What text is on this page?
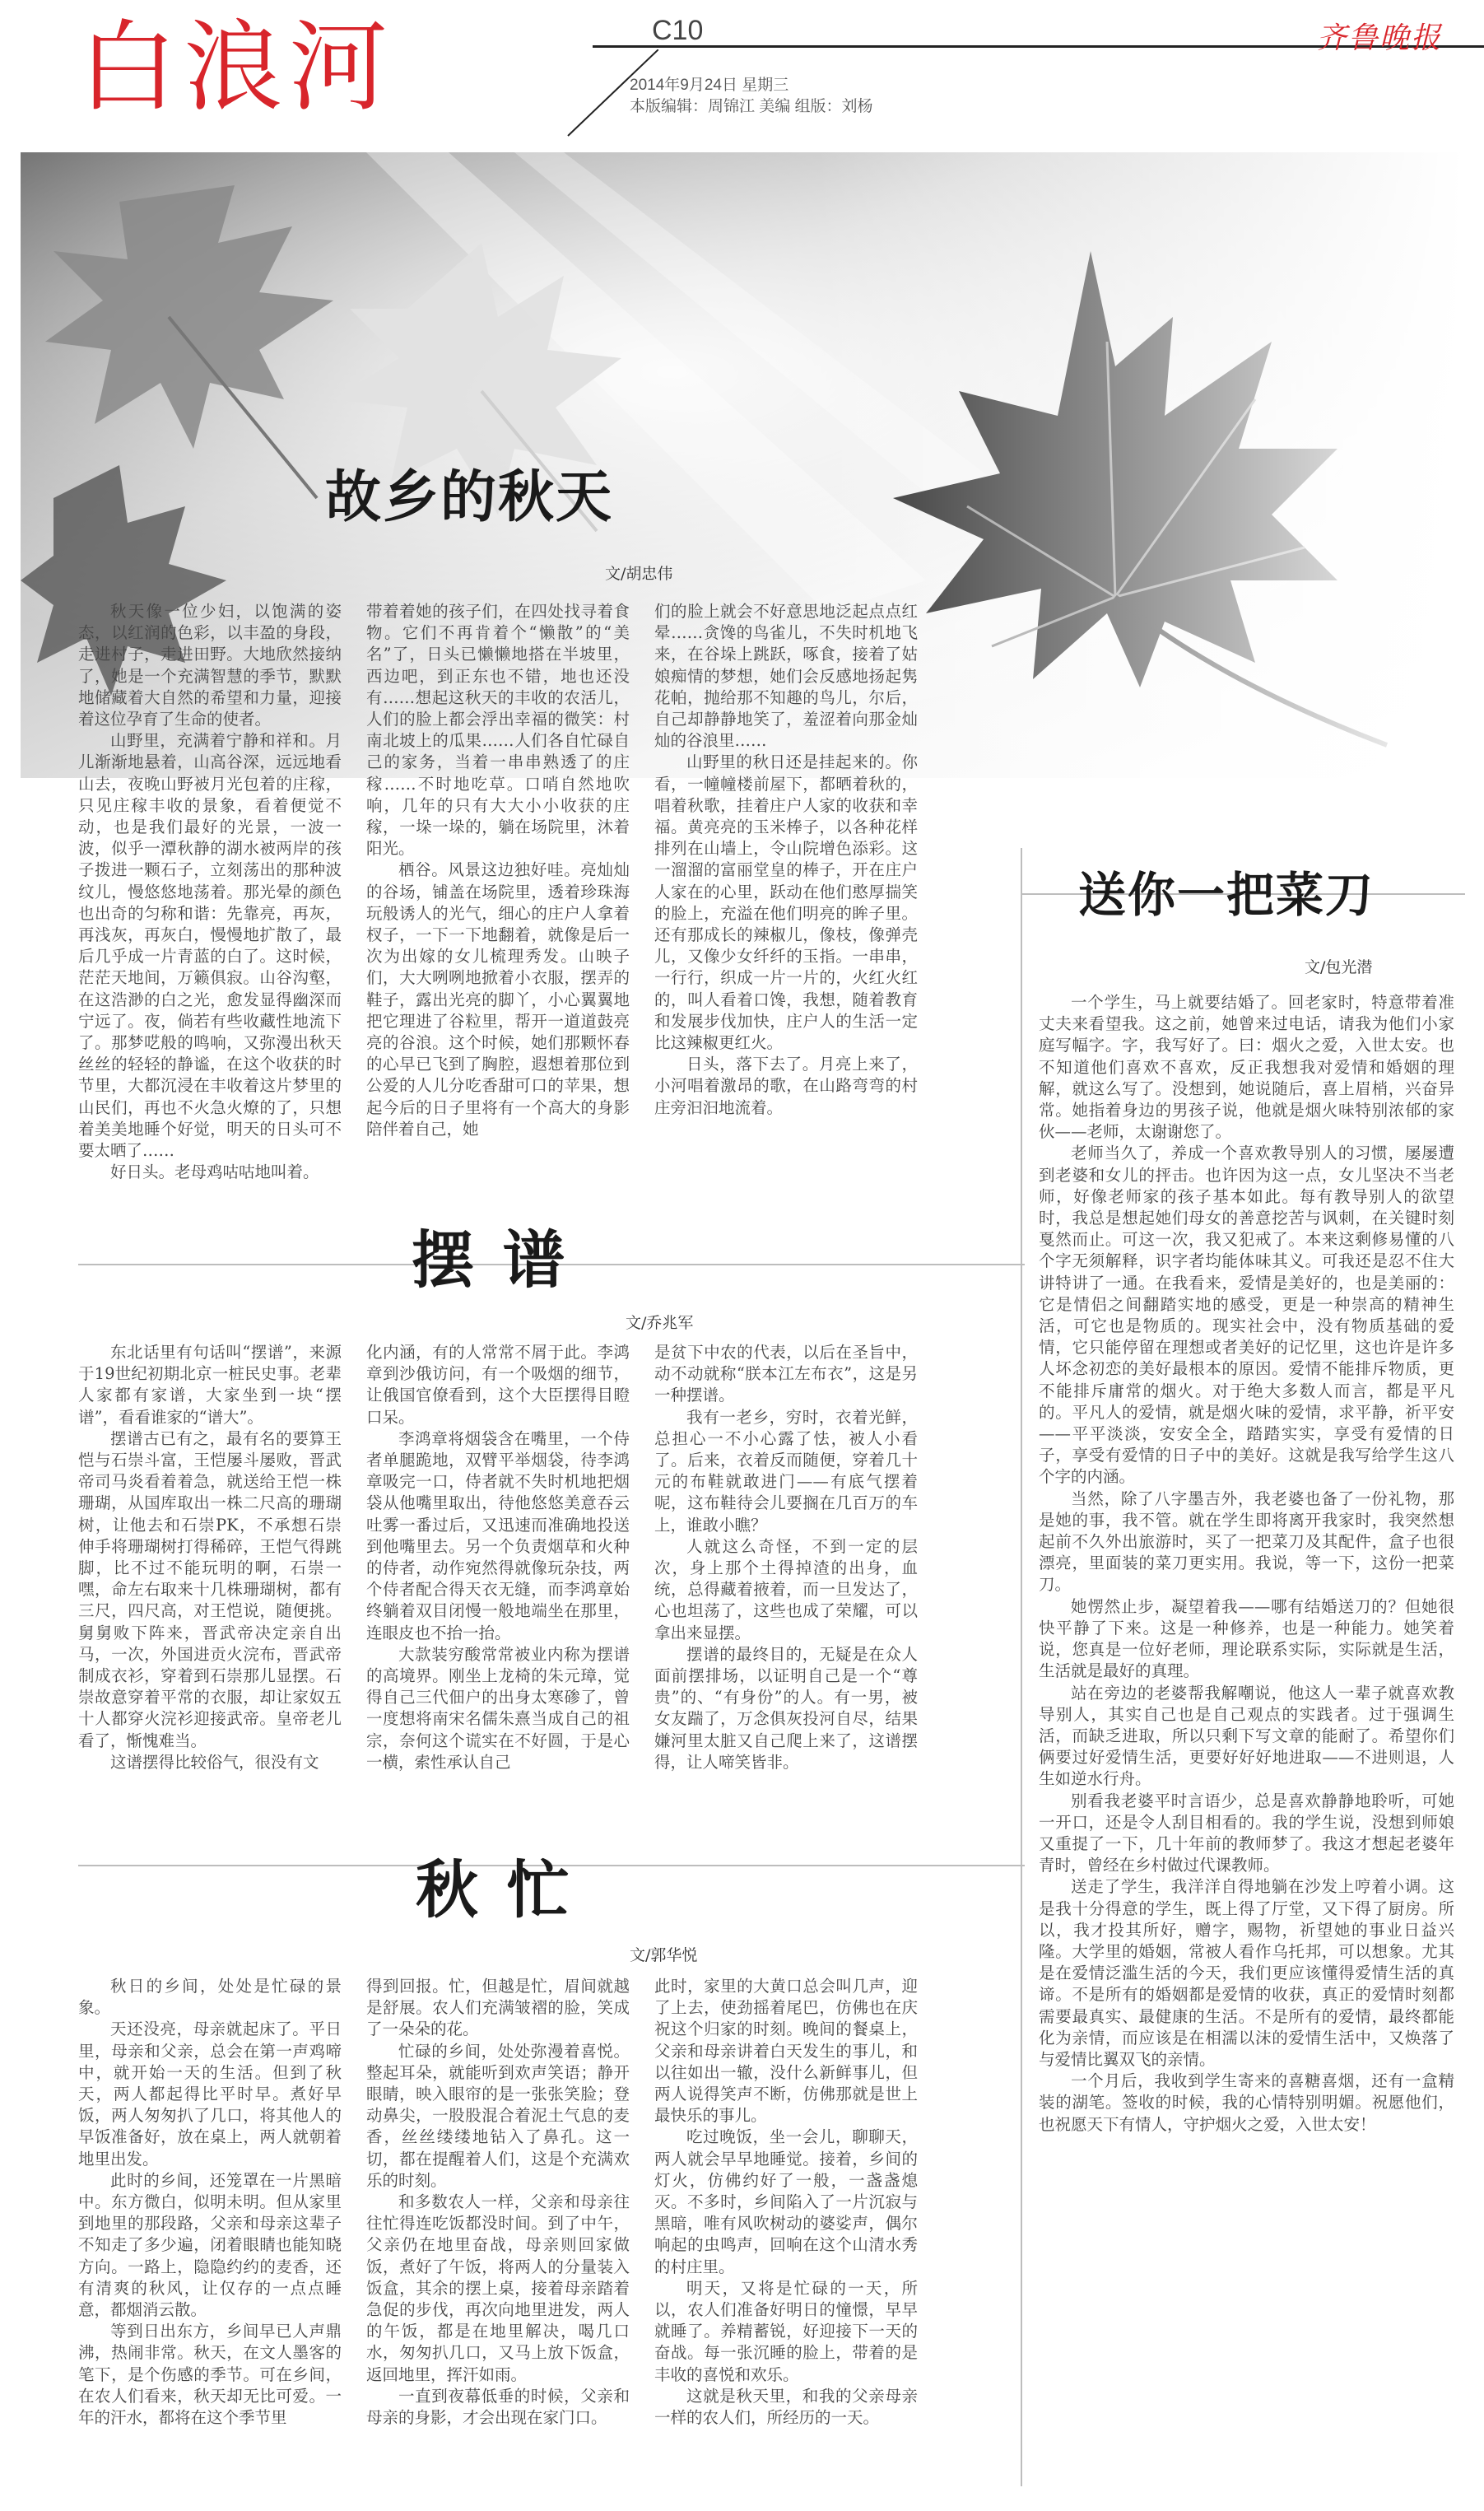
白浪河	C10	齐鲁晚报
2014年9月24日 星期三
本版编辑：周锦江 美编 组版：刘杨
故乡的秋天
文/胡忠伟

秋天像一位少妇，以饱满的姿态，以红润的色彩，以丰盈的身段，走进村子，走进田野。大地欣然接纳了，她是一个充满智慧的季节，默默地储藏着大自然的希望和力量，迎接着这位孕育了生命的使者。

山野里，充满着宁静和祥和。月儿渐渐地悬着，山高谷深，远远地看山去，夜晚山野被月光包着的庄稼，只见庄稼丰收的景象，看着便觉不动，也是我们最好的光景，一波一波，似乎一潭秋静的湖水被两岸的孩子拨进一颗石子，立刻荡出的那种波纹儿，慢悠悠地荡着。那光晕的颜色也出奇的匀称和谐：先靠亮，再灰，再浅灰，再灰白，慢慢地扩散了，最后几乎成一片青蓝的白了。这时候，茫茫天地间，万籁俱寂。山谷沟壑，在这浩渺的白之光，愈发显得幽深而宁远了。夜，倘若有些收藏性地流下了。那梦呓般的鸣响，又弥漫出秋天丝丝的轻轻的静谧，在这个收获的时节里，大都沉浸在丰收着这片梦里的山民们，再也不火急火燎的了，只想着美美地睡个好觉，明天的日头可不要太晒了……

好日头。老母鸡咕咕地叫着。

带着着她的孩子们，在四处找寻着食物。它们不再肯着个“懒散”的“美名”了，日头已懒懒地搭在半坡里，西边吧，到正东也不错，地也还没有……想起这秋天的丰收的农活儿，人们的脸上都会浮出幸福的微笑：村南北坡上的瓜果……人们各自忙碌自己的家务，当着一串串熟透了的庄稼……不时地吃草。口哨自然地吹响，几年的只有大大小小收获的庄稼，一垛一垛的，躺在场院里，沐着阳光。

栖谷。风景这边独好哇。亮灿灿的谷场，铺盖在场院里，透着珍珠海玩般诱人的光气，细心的庄户人拿着杈子，一下一下地翻着，就像是后一次为出嫁的女儿梳理秀发。山映子们，大大咧咧地掀着小衣服，摆弄的鞋子，露出光亮的脚丫，小心翼翼地把它理进了谷粒里，帮开一道道鼓亮亮的谷浪。这个时候，她们那颗怀春的心早已飞到了胸腔，遐想着那位到公爱的人儿分吃香甜可口的苹果，想起今后的日子里将有一个高大的身影陪伴着自己，她

们的脸上就会不好意思地泛起点点红晕……贪馋的鸟雀儿，不失时机地飞来，在谷垛上跳跃，啄食，接着了姑娘痴情的梦想，她们会反感地扬起隽花帕，抛给那不知趣的鸟儿，尔后，自己却静静地笑了，羞涩着向那金灿灿的谷浪里……

山野里的秋日还是挂起来的。你看，一幢幢楼前屋下，都晒着秋的，唱着秋歌，挂着庄户人家的收获和幸福。黄亮亮的玉米棒子，以各种花样排列在山墙上，令山院增色添彩。这一溜溜的富丽堂皇的棒子，开在庄户人家在的心里，跃动在他们憨厚揣笑的脸上，充溢在他们明亮的眸子里。还有那成长的辣椒儿，像枝，像弹壳儿，又像少女纤纤的玉指。一串串，一行行，织成一片一片的，火红火红的，叫人看着口馋，我想，随着教育和发展步伐加快，庄户人的生活一定比这辣椒更红火。

日头，落下去了。月亮上来了，小河唱着激昂的歌，在山路弯弯的村庄旁汩汩地流着。

摆 谱
文/乔兆军

东北话里有句话叫“摆谱”，来源于19世纪初期北京一桩民史事。老辈人家都有家谱，大家坐到一块“摆谱”，看看谁家的“谱大”。

摆谱古已有之，最有名的要算王恺与石崇斗富，王恺屡斗屡败，晋武帝司马炎看着着急，就送给王恺一株珊瑚，从国库取出一株二尺高的珊瑚树，让他去和石崇PK，不承想石崇伸手将珊瑚树打得稀碎，王恺气得跳脚，比不过不能玩明的啊，石崇一嘿，命左右取来十几株珊瑚树，都有三尺，四尺高，对王恺说，随便挑。舅舅败下阵来，晋武帝决定亲自出马，一次，外国进贡火浣布，晋武帝制成衣衫，穿着到石崇那儿显摆。石崇故意穿着平常的衣服，却让家奴五十人都穿火浣衫迎接武帝。皇帝老儿看了，惭愧难当。

这谱摆得比较俗气，很没有文

化内涵，有的人常常不屑于此。李鸿章到沙俄访问，有一个吸烟的细节，让俄国官僚看到，这个大臣摆得目瞪口呆。

李鸿章将烟袋含在嘴里，一个侍者单腿跪地，双臂平举烟袋，待李鸿章吸完一口，侍者就不失时机地把烟袋从他嘴里取出，待他悠悠美意吞云吐雾一番过后，又迅速而准确地投送到他嘴里去。另一个负责烟草和火种的侍者，动作宛然得就像玩杂技，两个侍者配合得天衣无缝，而李鸿章始终躺着双目闭慢一般地端坐在那里，连眼皮也不抬一抬。

大款装穷酸常常被业内称为摆谱的高境界。刚坐上龙椅的朱元璋，觉得自己三代佃户的出身太寒碜了，曾一度想将南宋名儒朱熹当成自己的祖宗，奈何这个谎实在不好圆，于是心一横，索性承认自己

是贫下中农的代表，以后在圣旨中，动不动就称“朕本江左布衣”，这是另一种摆谱。

我有一老乡，穷时，衣着光鲜，总担心一不小心露了怯，被人小看了。后来，衣着反而随便，穿着几十元的布鞋就敢进门——有底气摆着呢，这布鞋待会儿要搁在几百万的车上，谁敢小瞧？

人就这么奇怪，不到一定的层次，身上那个土得掉渣的出身，血统，总得藏着掖着，而一旦发达了，心也坦荡了，这些也成了荣耀，可以拿出来显摆。

摆谱的最终目的，无疑是在众人面前摆排场，以证明自己是一个“尊贵”的、“有身份”的人。有一男，被女友踹了，万念俱灰投河自尽，结果嫌河里太脏又自己爬上来了，这谱摆得，让人啼笑皆非。

秋 忙
文/郭华悦

秋日的乡间，处处是忙碌的景象。

天还没亮，母亲就起床了。平日里，母亲和父亲，总会在第一声鸡啼中，就开始一天的生活。但到了秋天，两人都起得比平时早。煮好早饭，两人匆匆扒了几口，将其他人的早饭准备好，放在桌上，两人就朝着地里出发。

此时的乡间，还笼罩在一片黑暗中。东方微白，似明未明。但从家里到地里的那段路，父亲和母亲这辈子不知走了多少遍，闭着眼睛也能知晓方向。一路上，隐隐约约的麦香，还有清爽的秋风，让仅存的一点点睡意，都烟消云散。

等到日出东方，乡间早已人声鼎沸，热闹非常。秋天，在文人墨客的笔下，是个伤感的季节。可在乡间，在农人们看来，秋天却无比可爱。一年的汗水，都将在这个季节里

得到回报。忙，但越是忙，眉间就越是舒展。农人们充满皱褶的脸，笑成了一朵朵的花。

忙碌的乡间，处处弥漫着喜悦。整起耳朵，就能听到欢声笑语；静开眼睛，映入眼帘的是一张张笑脸；登动鼻尖，一股股混合着泥土气息的麦香，丝丝缕缕地钻入了鼻孔。这一切，都在提醒着人们，这是个充满欢乐的时刻。

和多数农人一样，父亲和母亲往往忙得连吃饭都没时间。到了中午，父亲仍在地里奋战，母亲则回家做饭，煮好了午饭，将两人的分量装入饭盒，其余的摆上桌，接着母亲踏着急促的步伐，再次向地里进发，两人的午饭，都是在地里解决，喝几口水，匆匆扒几口，又马上放下饭盒，返回地里，挥汗如雨。

一直到夜幕低垂的时候，父亲和母亲的身影，才会出现在家门口。

此时，家里的大黄口总会叫几声，迎了上去，使劲摇着尾巴，仿佛也在庆祝这个归家的时刻。晚间的餐桌上，父亲和母亲讲着白天发生的事儿，和以往如出一辙，没什么新鲜事儿，但两人说得笑声不断，仿佛那就是世上最快乐的事儿。

吃过晚饭，坐一会儿，聊聊天，两人就会早早地睡觉。接着，乡间的灯火，仿佛约好了一般，一盏盏熄灭。不多时，乡间陷入了一片沉寂与黑暗，唯有风吹树动的婆娑声，偶尔响起的虫鸣声，回响在这个山清水秀的村庄里。

明天，又将是忙碌的一天，所以，农人们准备好明日的憧憬，早早就睡了。养精蓄锐，好迎接下一天的奋战。每一张沉睡的脸上，带着的是丰收的喜悦和欢乐。

这就是秋天里，和我的父亲母亲一样的农人们，所经历的一天。

送你一把菜刀
文/包光潜

一个学生，马上就要结婚了。回老家时，特意带着准丈夫来看望我。这之前，她曾来过电话，请我为他们小家庭写幅字。字，我写好了。曰：烟火之爱，入世太安。也不知道他们喜欢不喜欢，反正我想我对爱情和婚姻的理解，就这么写了。没想到，她说随后，喜上眉梢，兴奋异常。她指着身边的男孩子说，他就是烟火味特别浓郁的家伙——老师，太谢谢您了。

老师当久了，养成一个喜欢教导别人的习惯，屡屡遭到老婆和女儿的抨击。也许因为这一点，女儿坚决不当老师，好像老师家的孩子基本如此。每有教导别人的欲望时，我总是想起她们母女的善意挖苦与讽刺，在关键时刻戛然而止。可这一次，我又犯戒了。本来这剩修易懂的八个字无须解释，识字者均能体味其义。可我还是忍不住大讲特讲了一通。在我看来，爱情是美好的，也是美丽的：它是情侣之间翻踏实地的感受，更是一种崇高的精神生活，可它也是物质的。现实社会中，没有物质基础的爱情，它只能停留在理想或者美好的记忆里，这也许是许多人坏念初恋的美好最根本的原因。爱情不能排斥物质，更不能排斥庸常的烟火。对于绝大多数人而言，都是平凡的。平凡人的爱情，就是烟火味的爱情，求平静，祈平安——平平淡淡，安安全全，踏踏实实，享受有爱情的日子，享受有爱情的日子中的美好。这就是我写给学生这八个字的内涵。

当然，除了八字墨吉外，我老婆也备了一份礼物，那是她的事，我不管。就在学生即将离开我家时，我突然想起前不久外出旅游时，买了一把菜刀及其配件，盒子也很漂亮，里面装的菜刀更实用。我说，等一下，这份一把菜刀。

她愣然止步，凝望着我——哪有结婚送刀的？但她很快平静了下来。这是一种修养，也是一种能力。她笑着说，您真是一位好老师，理论联系实际，实际就是生活，生活就是最好的真理。

站在旁边的老婆帮我解嘲说，他这人一辈子就喜欢教导别人，其实自己也是自己观点的实践者。过于强调生活，而缺乏进取，所以只剩下写文章的能耐了。希望你们俩要过好爱情生活，更要好好好地进取——不进则退，人生如逆水行舟。

别看我老婆平时言语少，总是喜欢静静地聆听，可她一开口，还是令人刮目相看的。我的学生说，没想到师娘又重提了一下，几十年前的教师梦了。我这才想起老婆年青时，曾经在乡村做过代课教师。

送走了学生，我洋洋自得地躺在沙发上哼着小调。这是我十分得意的学生，既上得了厅堂，又下得了厨房。所以，我才投其所好，赠字，赐物，祈望她的事业日益兴隆。大学里的婚姻，常被人看作乌托邦，可以想象。尤其是在爱情泛滥生活的今天，我们更应该懂得爱情生活的真谛。不是所有的婚姻都是爱情的收获，真正的爱情时刻都需要最真实、最健康的生活。不是所有的爱情，最终都能化为亲情，而应该是在相濡以沫的爱情生活中，又焕落了与爱情比翼双飞的亲情。

一个月后，我收到学生寄来的喜糖喜烟，还有一盒精装的湖笔。签收的时候，我的心情特别明媚。祝愿他们，也祝愿天下有情人，守护烟火之爱，入世太安！
